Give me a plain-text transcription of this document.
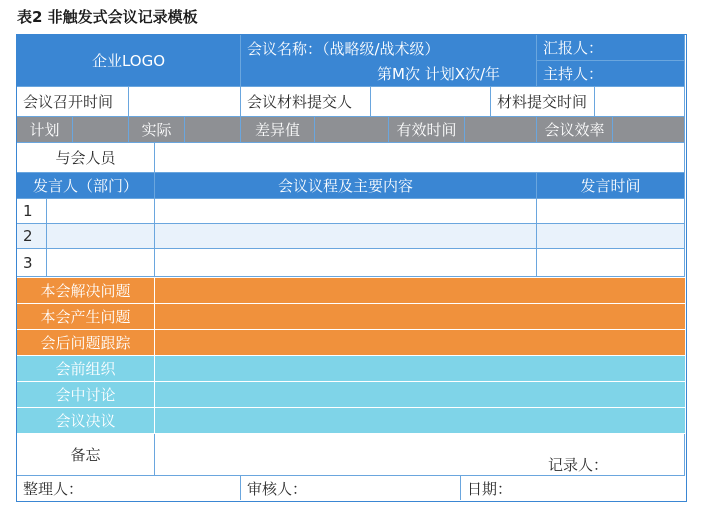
表2 非触发式会议记录模板
企业LOGO
会议名称：（战略级/战术级）
第M次 计划X次/年
汇报人：
主持人：
会议召开时间	会议材料提交人	材料提交时间
计划	实际	差异值	有效时间	会议效率
与会人员
发言人（部门）	会议议程及主要内容	发言时间
1
2
3
本会解决问题
本会产生问题
会后问题跟踪
会前组织
会中讨论
会议决议
备忘
记录人：
整理人：	审核人：	日期：
